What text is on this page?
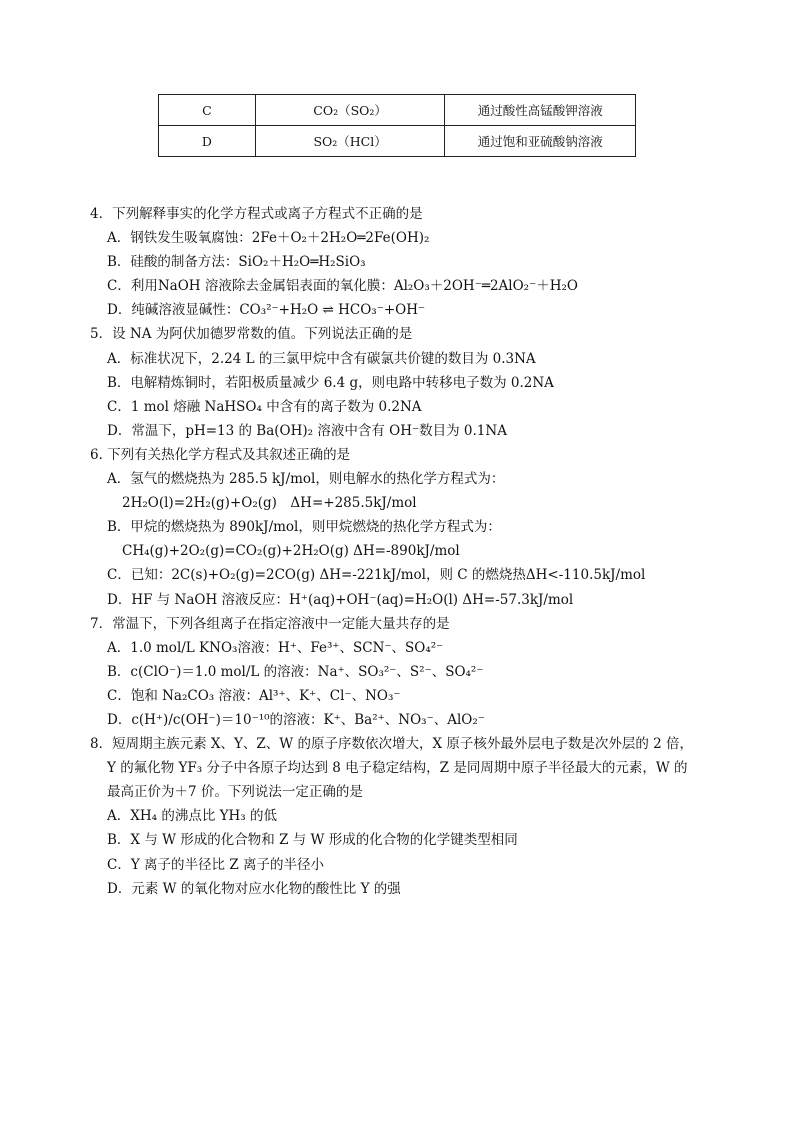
C	CO₂（SO₂）	通过酸性高锰酸钾溶液
D	SO₂（HCl）	通过饱和亚硫酸钠溶液
4．下列解释事实的化学方程式或离子方程式不正确的是
A．钢铁发生吸氧腐蚀：2Fe＋O₂＋2H₂O═2Fe(OH)₂
B．硅酸的制备方法：SiO₂＋H₂O═H₂SiO₃
C．利用NaOH 溶液除去金属铝表面的氧化膜：Al₂O₃＋2OH⁻═2AlO₂⁻＋H₂O
D．纯碱溶液显碱性：CO₃²⁻+H₂O ⇌ HCO₃⁻+OH⁻
5．设 NA 为阿伏加德罗常数的值。下列说法正确的是
A．标准状况下，2.24 L 的三氯甲烷中含有碳氯共价键的数目为 0.3NA
B．电解精炼铜时，若阳极质量减少 6.4 g，则电路中转移电子数为 0.2NA
C．1 mol 熔融 NaHSO₄ 中含有的离子数为 0.2NA
D．常温下，pH=13 的 Ba(OH)₂ 溶液中含有 OH⁻数目为 0.1NA
6. 下列有关热化学方程式及其叙述正确的是
A．氢气的燃烧热为 285.5 kJ/mol，则电解水的热化学方程式为：
2H₂O(l)=2H₂(g)+O₂(g)　ΔH=+285.5kJ/mol
B．甲烷的燃烧热为 890kJ/mol，则甲烷燃烧的热化学方程式为：
CH₄(g)+2O₂(g)=CO₂(g)+2H₂O(g) ΔH=-890kJ/mol
C．已知：2C(s)+O₂(g)=2CO(g) ΔH=-221kJ/mol，则 C 的燃烧热ΔH<-110.5kJ/mol
D．HF 与 NaOH 溶液反应：H⁺(aq)+OH⁻(aq)=H₂O(l) ΔH=-57.3kJ/mol
7．常温下，下列各组离子在指定溶液中一定能大量共存的是
A．1.0 mol/L KNO₃溶液：H⁺、Fe³⁺、SCN⁻、SO₄²⁻
B．c(ClO⁻)＝1.0 mol/L 的溶液：Na⁺、SO₃²⁻、S²⁻、SO₄²⁻
C．饱和 Na₂CO₃ 溶液：Al³⁺、K⁺、Cl⁻、NO₃⁻
D．c(H⁺)/c(OH⁻)＝10⁻¹⁰的溶液：K⁺、Ba²⁺、NO₃⁻、AlO₂⁻
8．短周期主族元素 X、Y、Z、W 的原子序数依次增大，X 原子核外最外层电子数是次外层的 2 倍，
Y 的氟化物 YF₃ 分子中各原子均达到 8 电子稳定结构，Z 是同周期中原子半径最大的元素，W 的
最高正价为＋7 价。下列说法一定正确的是
A．XH₄ 的沸点比 YH₃ 的低
B．X 与 W 形成的化合物和 Z 与 W 形成的化合物的化学键类型相同
C．Y 离子的半径比 Z 离子的半径小
D．元素 W 的氧化物对应水化物的酸性比 Y 的强
